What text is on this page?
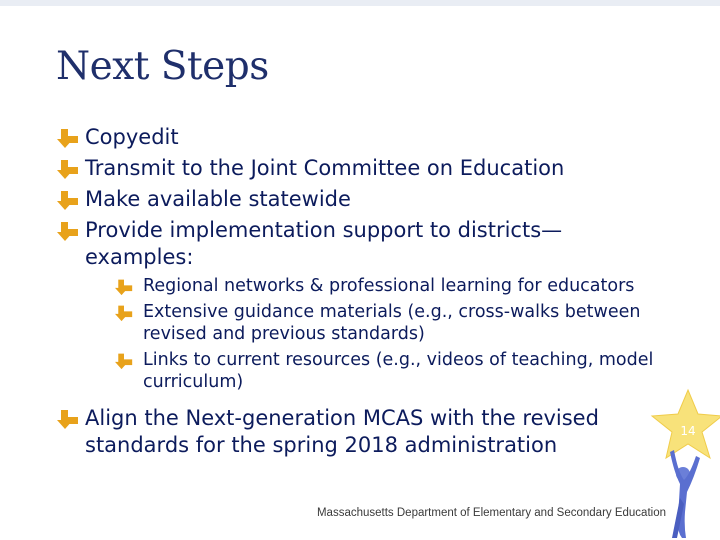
Next Steps
Copyedit
Transmit to the Joint Committee on Education
Make available statewide
Provide implementation support to districts— examples:
Regional networks & professional learning for educators
Extensive guidance materials (e.g., cross-walks between revised and previous standards)
Links to current resources (e.g., videos of teaching, model curriculum)
Align the Next-generation MCAS with the revised standards for the spring 2018 administration
14
Massachusetts Department of Elementary and Secondary Education
